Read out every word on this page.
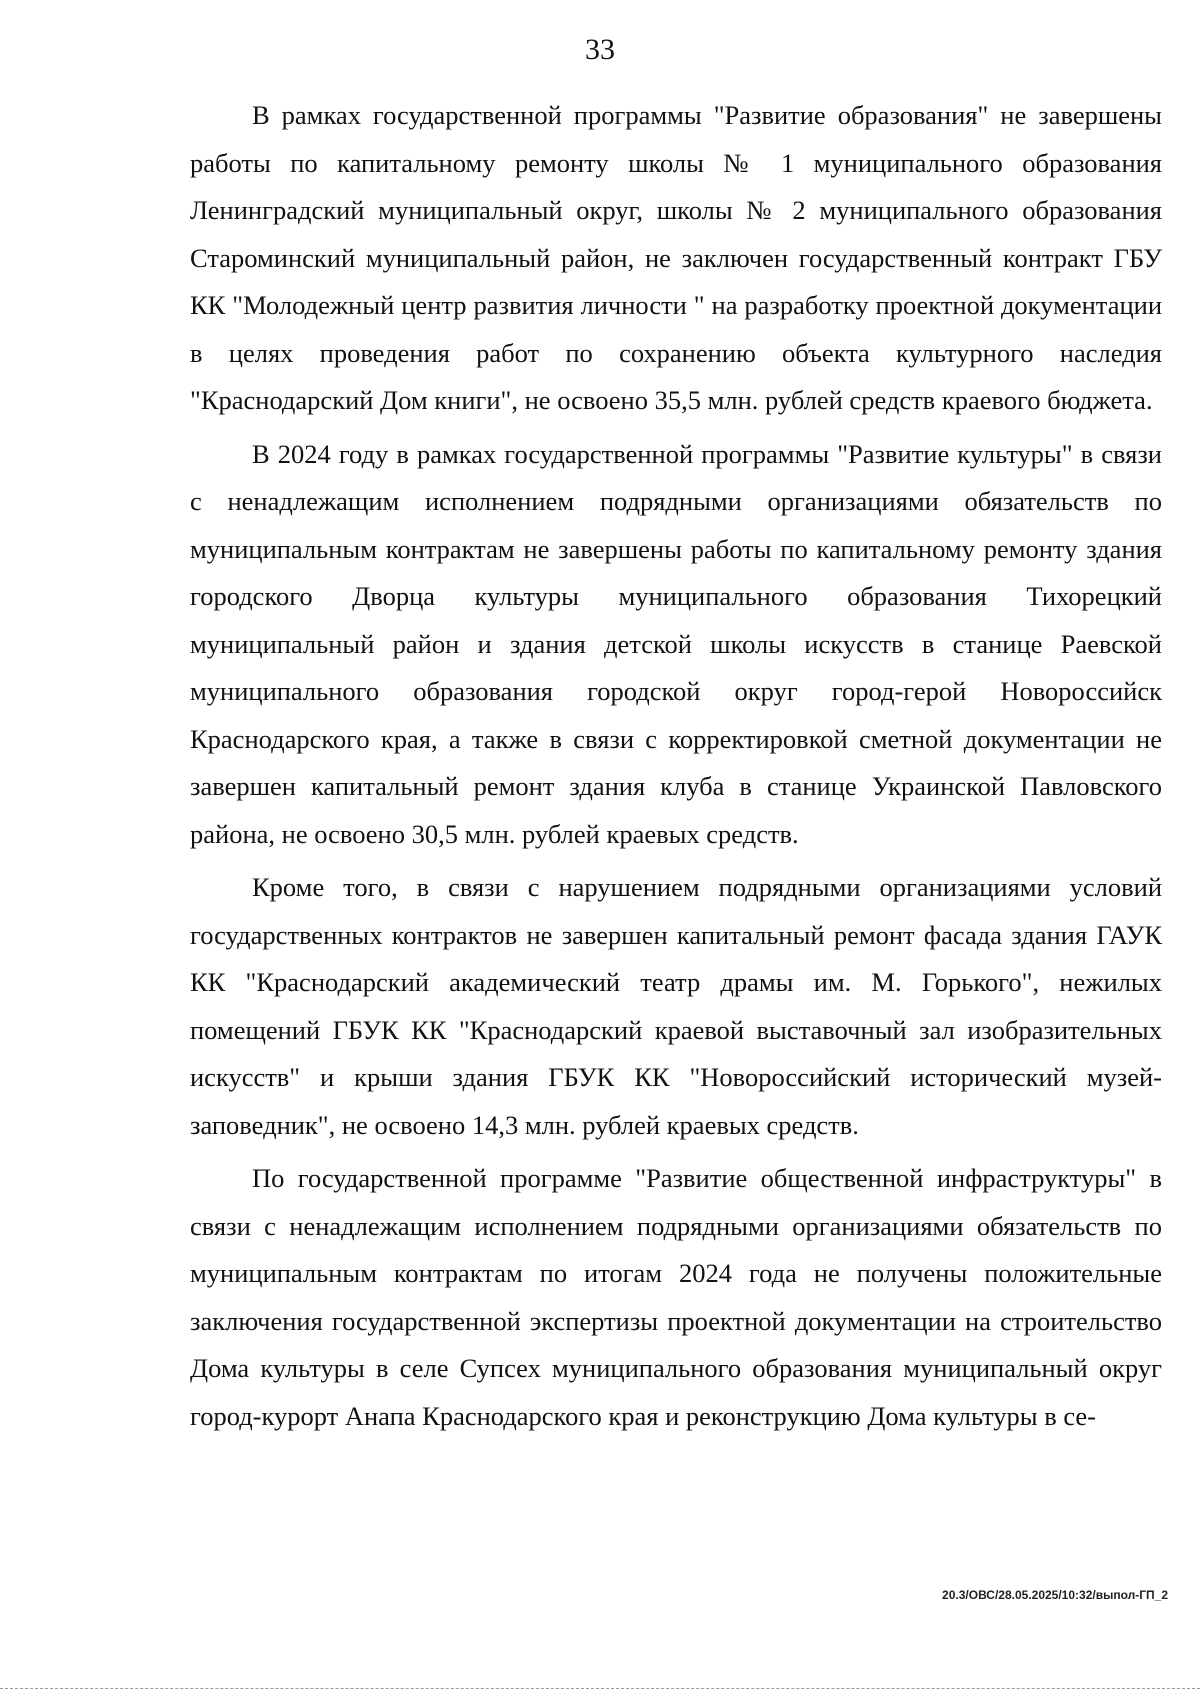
33

В рамках государственной программы "Развитие образования" не завершены работы по капитальному ремонту школы № 1 муниципального образования Ленинградский муниципальный округ, школы № 2 муниципального образования Староминский муниципальный район, не заключен государственный контракт ГБУ КК "Молодежный центр развития личности " на разработку проектной документации в целях проведения работ по сохранению объекта культурного наследия "Краснодарский Дом книги", не освоено 35,5 млн. рублей средств краевого бюджета.

В 2024 году в рамках государственной программы "Развитие культуры" в связи с ненадлежащим исполнением подрядными организациями обязательств по муниципальным контрактам не завершены работы по капитальному ремонту здания городского Дворца культуры муниципального образования Тихорецкий муниципальный район и здания детской школы искусств в станице Раевской муниципального образования городской округ город-герой Новороссийск Краснодарского края, а также в связи с корректировкой сметной документации не завершен капитальный ремонт здания клуба в станице Украинской Павловского района, не освоено 30,5 млн. рублей краевых средств.

Кроме того, в связи с нарушением подрядными организациями условий государственных контрактов не завершен капитальный ремонт фасада здания ГАУК КК "Краснодарский академический театр драмы им. М. Горького", нежилых помещений ГБУК КК "Краснодарский краевой выставочный зал изобразительных искусств" и крыши здания ГБУК КК "Новороссийский исторический музей-заповедник", не освоено 14,3 млн. рублей краевых средств.

По государственной программе "Развитие общественной инфраструктуры" в связи с ненадлежащим исполнением подрядными организациями обязательств по муниципальным контрактам по итогам 2024 года не получены положительные заключения государственной экспертизы проектной документации на строительство Дома культуры в селе Супсех муниципального образования муниципальный округ город-курорт Анапа Краснодарского края и реконструкцию Дома культуры в се-

20.3/ОВС/28.05.2025/10:32/выпол-ГП_2
